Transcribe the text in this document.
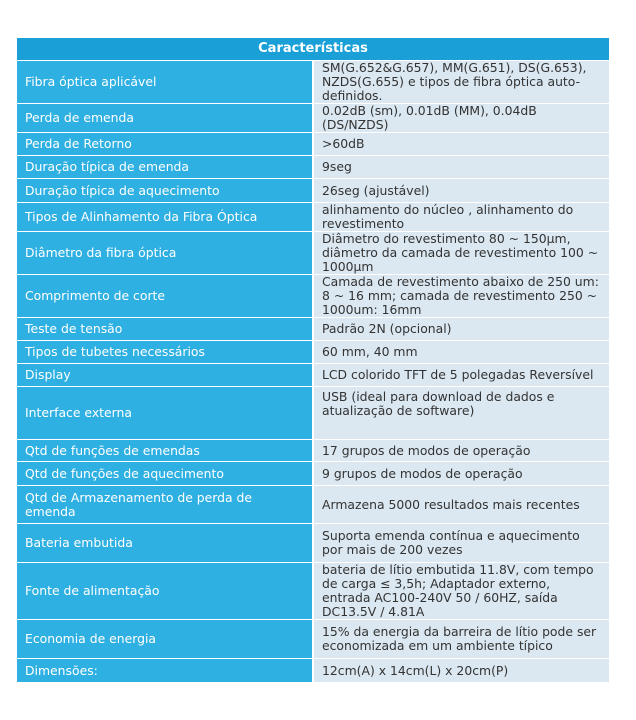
Características	
Fibra óptica aplicável	SM(G.652&G.657), MM(G.651), DS(G.653), NZDS(G.655) e tipos de fibra óptica auto-definidos.
Perda de emenda	0.02dB (sm), 0.01dB (MM), 0.04dB (DS/NZDS)
Perda de Retorno	>60dB
Duração típica de emenda	9seg
Duração típica de aquecimento	26seg (ajustável)
Tipos de Alinhamento da Fibra Óptica	alinhamento do núcleo , alinhamento do revestimento
Diâmetro da fibra óptica	Diâmetro do revestimento 80 ~ 150µm, diâmetro da camada de revestimento 100 ~ 1000µm
Comprimento de corte	Camada de revestimento abaixo de 250 um: 8 ~ 16 mm; camada de revestimento 250 ~ 1000um: 16mm
Teste de tensão	Padrão 2N (opcional)
Tipos de tubetes necessários	60 mm, 40 mm
Display	LCD colorido TFT de 5 polegadas Reversível
Interface externa	USB (ideal para download de dados e atualização de software)
Qtd de funções de emendas	17 grupos de modos de operação
Qtd de funções de aquecimento	9 grupos de modos de operação
Qtd de Armazenamento de perda de emenda	Armazena 5000 resultados mais recentes
Bateria embutida	Suporta emenda contínua e aquecimento por mais de 200 vezes
Fonte de alimentação	bateria de lítio embutida 11.8V, com tempo de carga ≤ 3,5h; Adaptador externo, entrada AC100-240V 50 / 60HZ, saída DC13.5V / 4.81A
Economia de energia	15% da energia da barreira de lítio pode ser economizada em um ambiente típico
Dimensões:	12cm(A) x 14cm(L) x 20cm(P)
